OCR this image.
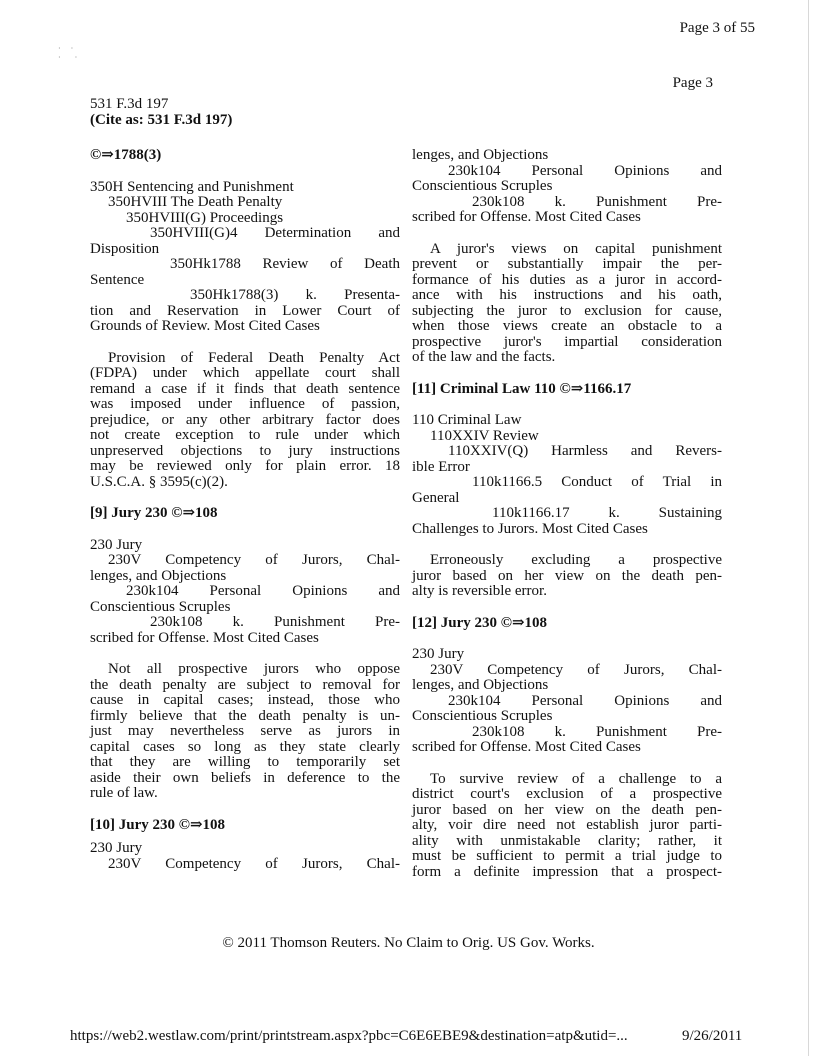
·     ·
·       ·
Page 3 of 55
Page 3
531 F.3d 197
(Cite as: 531 F.3d 197)
©⇒1788(3)
350H Sentencing and Punishment
350HVIII The Death Penalty
350HVIII(G) Proceedings
350HVIII(G)4 Determination and
Disposition
350Hk1788 Review of Death
Sentence
350Hk1788(3) k. Presenta-
tion and Reservation in Lower Court of
Grounds of Review. Most Cited Cases
Provision of Federal Death Penalty Act
(FDPA) under which appellate court shall
remand a case if it finds that death sentence
was imposed under influence of passion,
prejudice, or any other arbitrary factor does
not create exception to rule under which
unpreserved objections to jury instructions
may be reviewed only for plain error. 18
U.S.C.A. § 3595(c)(2).
[9] Jury 230 ©⇒108
230 Jury
230V Competency of Jurors, Chal-
lenges, and Objections
230k104 Personal Opinions and
Conscientious Scruples
230k108 k. Punishment Pre-
scribed for Offense. Most Cited Cases
Not all prospective jurors who oppose
the death penalty are subject to removal for
cause in capital cases; instead, those who
firmly believe that the death penalty is un-
just may nevertheless serve as jurors in
capital cases so long as they state clearly
that they are willing to temporarily set
aside their own beliefs in deference to the
rule of law.
[10] Jury 230 ©⇒108
230 Jury
230V Competency of Jurors, Chal-
lenges, and Objections
230k104 Personal Opinions and
Conscientious Scruples
230k108 k. Punishment Pre-
scribed for Offense. Most Cited Cases
A juror's views on capital punishment
prevent or substantially impair the per-
formance of his duties as a juror in accord-
ance with his instructions and his oath,
subjecting the juror to exclusion for cause,
when those views create an obstacle to a
prospective juror's impartial consideration
of the law and the facts.
[11] Criminal Law 110 ©⇒1166.17
110 Criminal Law
110XXIV Review
110XXIV(Q) Harmless and Revers-
ible Error
110k1166.5 Conduct of Trial in
General
110k1166.17 k. Sustaining
Challenges to Jurors. Most Cited Cases
Erroneously excluding a prospective
juror based on her view on the death pen-
alty is reversible error.
[12] Jury 230 ©⇒108
230 Jury
230V Competency of Jurors, Chal-
lenges, and Objections
230k104 Personal Opinions and
Conscientious Scruples
230k108 k. Punishment Pre-
scribed for Offense. Most Cited Cases
To survive review of a challenge to a
district court's exclusion of a prospective
juror based on her view on the death pen-
alty, voir dire need not establish juror parti-
ality with unmistakable clarity; rather, it
must be sufficient to permit a trial judge to
form a definite impression that a prospect-
© 2011 Thomson Reuters. No Claim to Orig. US Gov. Works.
https://web2.westlaw.com/print/printstream.aspx?pbc=C6E6EBE9&destination=atp&utid=...	9/26/2011
